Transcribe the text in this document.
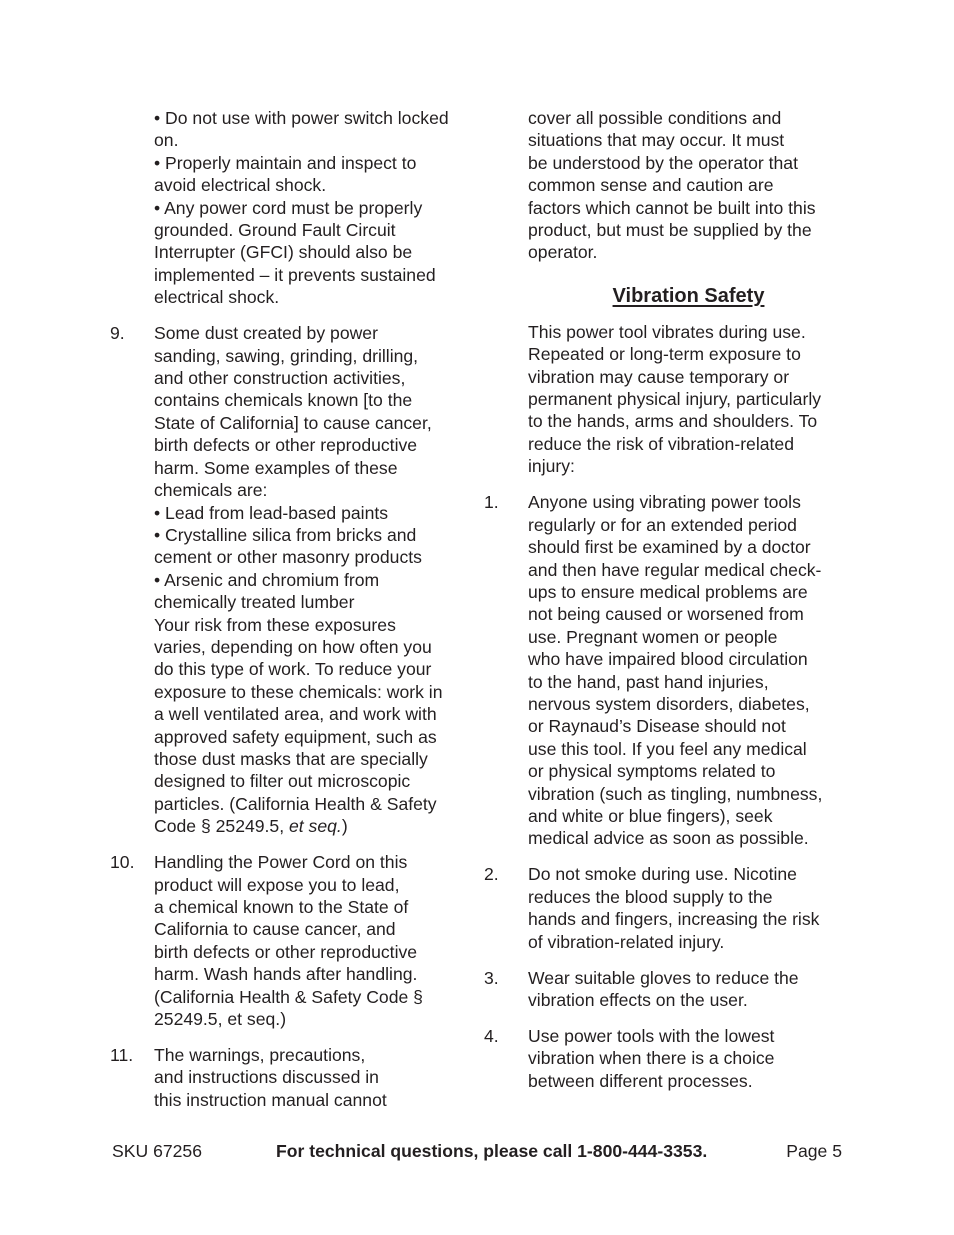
• Do not use with power switch locked
on.
• Properly maintain and inspect to
avoid electrical shock.
• Any power cord must be properly
grounded. Ground Fault Circuit
Interrupter (GFCI) should also be
implemented – it prevents sustained
electrical shock.
9. Some dust created by power
sanding, sawing, grinding, drilling,
and other construction activities,
contains chemicals known [to the
State of California] to cause cancer,
birth defects or other reproductive
harm. Some examples of these
chemicals are:
• Lead from lead-based paints
• Crystalline silica from bricks and
cement or other masonry products
• Arsenic and chromium from
chemically treated lumber
Your risk from these exposures
varies, depending on how often you
do this type of work. To reduce your
exposure to these chemicals: work in
a well ventilated area, and work with
approved safety equipment, such as
those dust masks that are specially
designed to filter out microscopic
particles. (California Health & Safety
Code § 25249.5, et seq.)
10. Handling the Power Cord on this
product will expose you to lead,
a chemical known to the State of
California to cause cancer, and
birth defects or other reproductive
harm. Wash hands after handling.
(California Health & Safety Code §
25249.5, et seq.)
11. The warnings, precautions,
and instructions discussed in
this instruction manual cannot
cover all possible conditions and
situations that may occur. It must
be understood by the operator that
common sense and caution are
factors which cannot be built into this
product, but must be supplied by the
operator.
Vibration Safety
This power tool vibrates during use.
Repeated or long-term exposure to
vibration may cause temporary or
permanent physical injury, particularly
to the hands, arms and shoulders. To
reduce the risk of vibration-related
injury:
1. Anyone using vibrating power tools
regularly or for an extended period
should first be examined by a doctor
and then have regular medical check-
ups to ensure medical problems are
not being caused or worsened from
use. Pregnant women or people
who have impaired blood circulation
to the hand, past hand injuries,
nervous system disorders, diabetes,
or Raynaud’s Disease should not
use this tool. If you feel any medical
or physical symptoms related to
vibration (such as tingling, numbness,
and white or blue fingers), seek
medical advice as soon as possible.
2. Do not smoke during use. Nicotine
reduces the blood supply to the
hands and fingers, increasing the risk
of vibration-related injury.
3. Wear suitable gloves to reduce the
vibration effects on the user.
4. Use power tools with the lowest
vibration when there is a choice
between different processes.
SKU 67256	For technical questions, please call 1-800-444-3353.	Page 5
